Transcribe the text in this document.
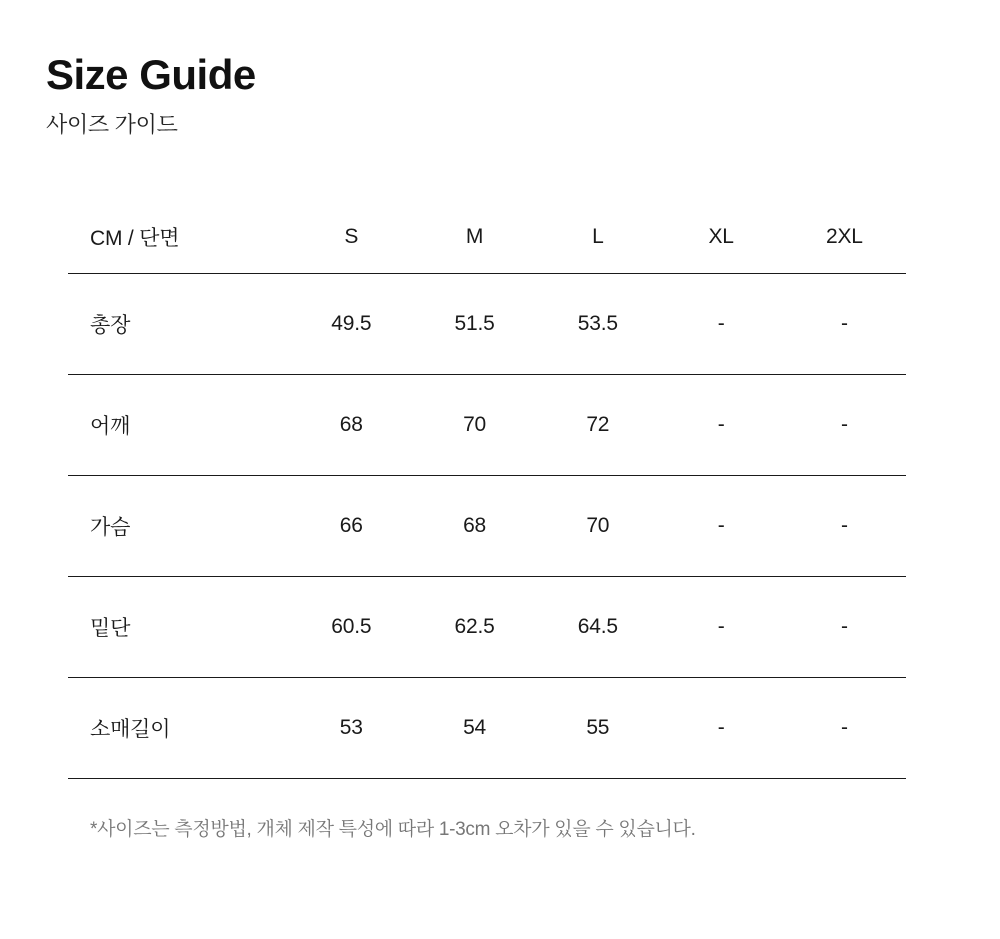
Size Guide
사이즈 가이드
CM / 단면	S	M	L	XL	2XL
총장	49.5	51.5	53.5	-	-
어깨	68	70	72	-	-
가슴	66	68	70	-	-
밑단	60.5	62.5	64.5	-	-
소매길이	53	54	55	-	-
*사이즈는 측정방법, 개체 제작 특성에 따라 1-3cm 오차가 있을 수 있습니다.
